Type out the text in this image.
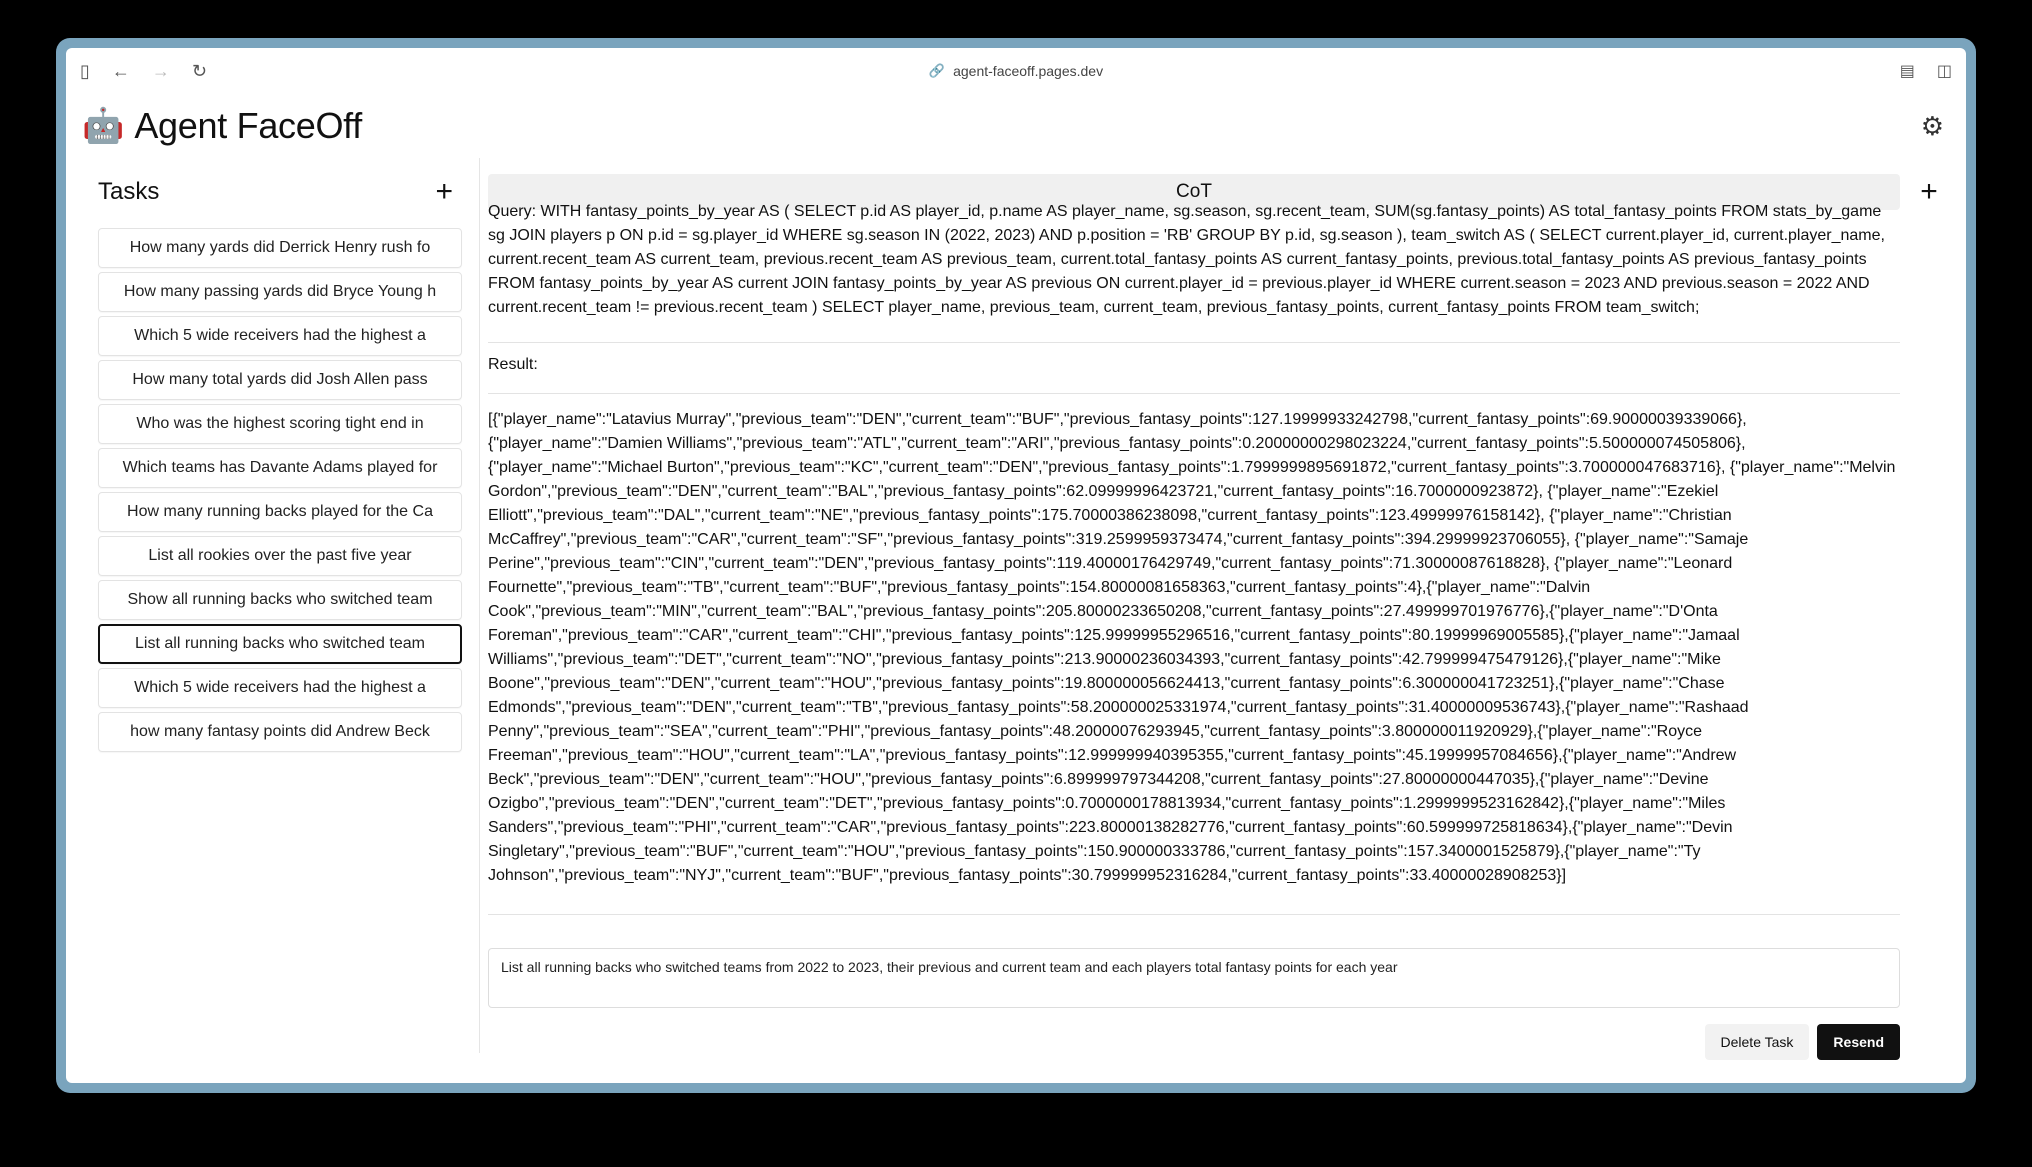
▯ ← → ↻	🔗 agent-faceoff.pages.dev	▤ ◫
🤖 Agent FaceOff	⚙
Tasks	+
How many yards did Derrick Henry rush fo
How many passing yards did Bryce Young h
Which 5 wide receivers had the highest a
How many total yards did Josh Allen pass
Who was the highest scoring tight end in
Which teams has Davante Adams played for
How many running backs played for the Ca
List all rookies over the past five year
Show all running backs who switched team
List all running backs who switched team
Which 5 wide receivers had the highest a
how many fantasy points did Andrew Beck
CoT	+
Query: WITH fantasy_points_by_year AS ( SELECT p.id AS player_id, p.name AS player_name, sg.season, sg.recent_team, SUM(sg.fantasy_points) AS total_fantasy_points FROM stats_by_game sg JOIN players p ON p.id = sg.player_id WHERE sg.season IN (2022, 2023) AND p.position = 'RB' GROUP BY p.id, sg.season ), team_switch AS ( SELECT current.player_id, current.player_name, current.recent_team AS current_team, previous.recent_team AS previous_team, current.total_fantasy_points AS current_fantasy_points, previous.total_fantasy_points AS previous_fantasy_points FROM fantasy_points_by_year AS current JOIN fantasy_points_by_year AS previous ON current.player_id = previous.player_id WHERE current.season = 2023 AND previous.season = 2022 AND current.recent_team != previous.recent_team ) SELECT player_name, previous_team, current_team, previous_fantasy_points, current_fantasy_points FROM team_switch;
Result:
[{"player_name":"Latavius Murray","previous_team":"DEN","current_team":"BUF","previous_fantasy_points":127.19999933242798,"current_fantasy_points":69.90000039339066}, {"player_name":"Damien Williams","previous_team":"ATL","current_team":"ARI","previous_fantasy_points":0.20000000298023224,"current_fantasy_points":5.500000074505806}, {"player_name":"Michael Burton","previous_team":"KC","current_team":"DEN","previous_fantasy_points":1.7999999895691872,"current_fantasy_points":3.700000047683716}, {"player_name":"Melvin Gordon","previous_team":"DEN","current_team":"BAL","previous_fantasy_points":62.09999996423721,"current_fantasy_points":16.7000000923872}, {"player_name":"Ezekiel Elliott","previous_team":"DAL","current_team":"NE","previous_fantasy_points":175.70000386238098,"current_fantasy_points":123.49999976158142}, {"player_name":"Christian McCaffrey","previous_team":"CAR","current_team":"SF","previous_fantasy_points":319.2599959373474,"current_fantasy_points":394.29999923706055}, {"player_name":"Samaje Perine","previous_team":"CIN","current_team":"DEN","previous_fantasy_points":119.40000176429749,"current_fantasy_points":71.30000087618828}, {"player_name":"Leonard Fournette","previous_team":"TB","current_team":"BUF","previous_fantasy_points":154.80000081658363,"current_fantasy_points":4},{"player_name":"Dalvin Cook","previous_team":"MIN","current_team":"BAL","previous_fantasy_points":205.80000233650208,"current_fantasy_points":27.499999701976776},{"player_name":"D'Onta Foreman","previous_team":"CAR","current_team":"CHI","previous_fantasy_points":125.99999955296516,"current_fantasy_points":80.19999969005585},{"player_name":"Jamaal Williams","previous_team":"DET","current_team":"NO","previous_fantasy_points":213.90000236034393,"current_fantasy_points":42.799999475479126},{"player_name":"Mike Boone","previous_team":"DEN","current_team":"HOU","previous_fantasy_points":19.800000056624413,"current_fantasy_points":6.300000041723251},{"player_name":"Chase Edmonds","previous_team":"DEN","current_team":"TB","previous_fantasy_points":58.200000025331974,"current_fantasy_points":31.40000009536743},{"player_name":"Rashaad Penny","previous_team":"SEA","current_team":"PHI","previous_fantasy_points":48.20000076293945,"current_fantasy_points":3.800000011920929},{"player_name":"Royce Freeman","previous_team":"HOU","current_team":"LA","previous_fantasy_points":12.999999940395355,"current_fantasy_points":45.19999957084656},{"player_name":"Andrew Beck","previous_team":"DEN","current_team":"HOU","previous_fantasy_points":6.899999797344208,"current_fantasy_points":27.80000000447035},{"player_name":"Devine Ozigbo","previous_team":"DEN","current_team":"DET","previous_fantasy_points":0.7000000178813934,"current_fantasy_points":1.2999999523162842},{"player_name":"Miles Sanders","previous_team":"PHI","current_team":"CAR","previous_fantasy_points":223.80000138282776,"current_fantasy_points":60.599999725818634},{"player_name":"Devin Singletary","previous_team":"BUF","current_team":"HOU","previous_fantasy_points":150.900000333786,"current_fantasy_points":157.3400001525879},{"player_name":"Ty Johnson","previous_team":"NYJ","current_team":"BUF","previous_fantasy_points":30.799999952316284,"current_fantasy_points":33.40000028908253}]
List all running backs who switched teams from 2022 to 2023, their previous and current team and each players total fantasy points for each year
Delete Task	Resend
